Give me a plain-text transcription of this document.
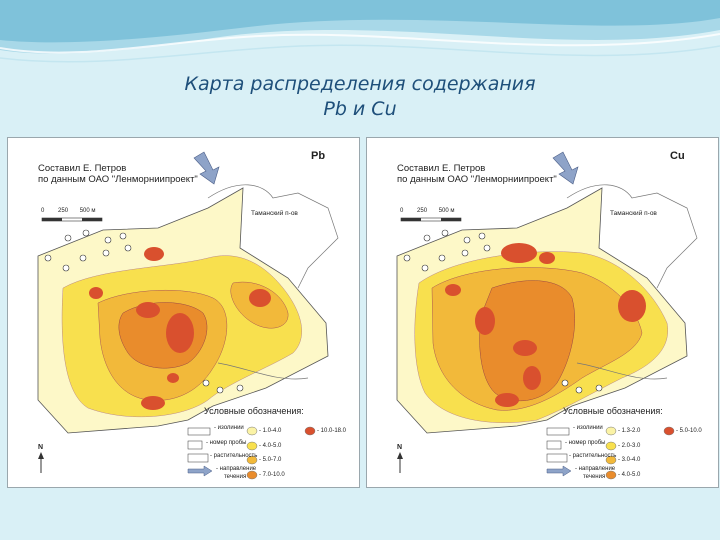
Карта распределения содержания
Pb и Cu
Pb
Составил Е. Петров
по данным ОАО "Ленморниипроект"
0 250 500 м	Таманский п-ов
Условные обозначения:
- изолинии
- номер пробы
- растительность
- направление
течения
- 1.0-4.0
- 4.0-5.0
- 5.0-7.0
- 7.0-10.0
- 10.0-18.0
N
Cu
Составил Е. Петров
по данным ОАО "Ленморниипроект"
0 250 500 м	Таманский п-ов
Условные обозначения:
- изолинии
- номер пробы
- растительность
- направление
течения
- 1.3-2.0
- 2.0-3.0
- 3.0-4.0
- 4.0-5.0
- 5.0-10.0
N
